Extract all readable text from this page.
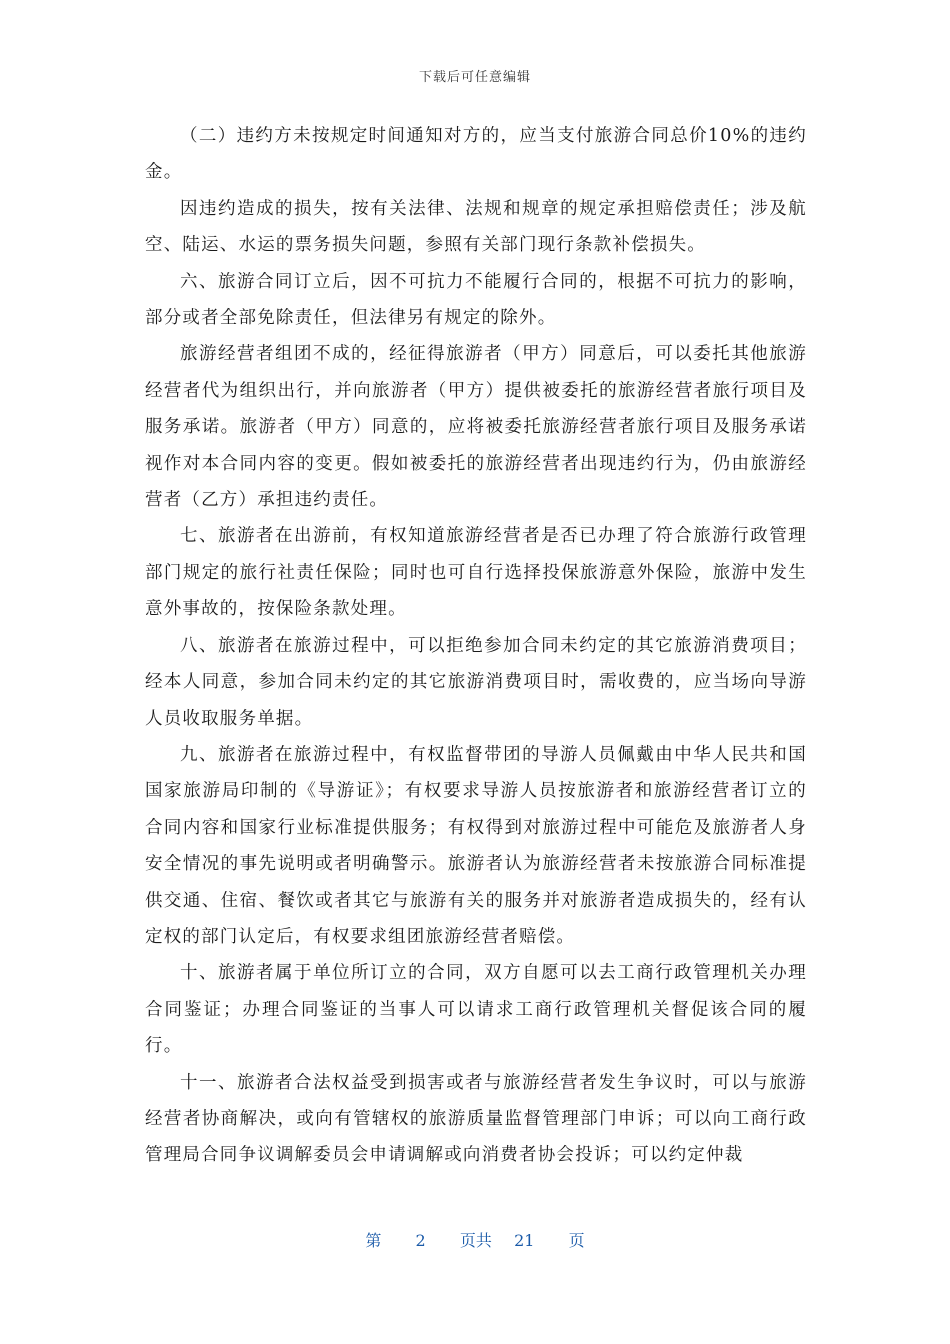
下载后可任意编辑

（二）违约方未按规定时间通知对方的，应当支付旅游合同总价10%的违约金。

因违约造成的损失，按有关法律、法规和规章的规定承担赔偿责任；涉及航空、陆运、水运的票务损失问题，参照有关部门现行条款补偿损失。

六、旅游合同订立后，因不可抗力不能履行合同的，根据不可抗力的影响，部分或者全部免除责任，但法律另有规定的除外。

旅游经营者组团不成的，经征得旅游者（甲方）同意后，可以委托其他旅游经营者代为组织出行，并向旅游者（甲方）提供被委托的旅游经营者旅行项目及服务承诺。旅游者（甲方）同意的，应将被委托旅游经营者旅行项目及服务承诺视作对本合同内容的变更。假如被委托的旅游经营者出现违约行为，仍由旅游经营者（乙方）承担违约责任。

七、旅游者在出游前，有权知道旅游经营者是否已办理了符合旅游行政管理部门规定的旅行社责任保险；同时也可自行选择投保旅游意外保险，旅游中发生意外事故的，按保险条款处理。

八、旅游者在旅游过程中，可以拒绝参加合同未约定的其它旅游消费项目；经本人同意，参加合同未约定的其它旅游消费项目时，需收费的，应当场向导游人员收取服务单据。

九、旅游者在旅游过程中，有权监督带团的导游人员佩戴由中华人民共和国国家旅游局印制的《导游证》；有权要求导游人员按旅游者和旅游经营者订立的合同内容和国家行业标准提供服务；有权得到对旅游过程中可能危及旅游者人身安全情况的事先说明或者明确警示。旅游者认为旅游经营者未按旅游合同标准提供交通、住宿、餐饮或者其它与旅游有关的服务并对旅游者造成损失的，经有认定权的部门认定后，有权要求组团旅游经营者赔偿。

十、旅游者属于单位所订立的合同，双方自愿可以去工商行政管理机关办理合同鉴证；办理合同鉴证的当事人可以请求工商行政管理机关督促该合同的履行。

十一、旅游者合法权益受到损害或者与旅游经营者发生争议时，可以与旅游经营者协商解决，或向有管辖权的旅游质量监督管理部门申诉；可以向工商行政管理局合同争议调解委员会申请调解或向消费者协会投诉；可以约定仲裁

第 2 页共 21 页
